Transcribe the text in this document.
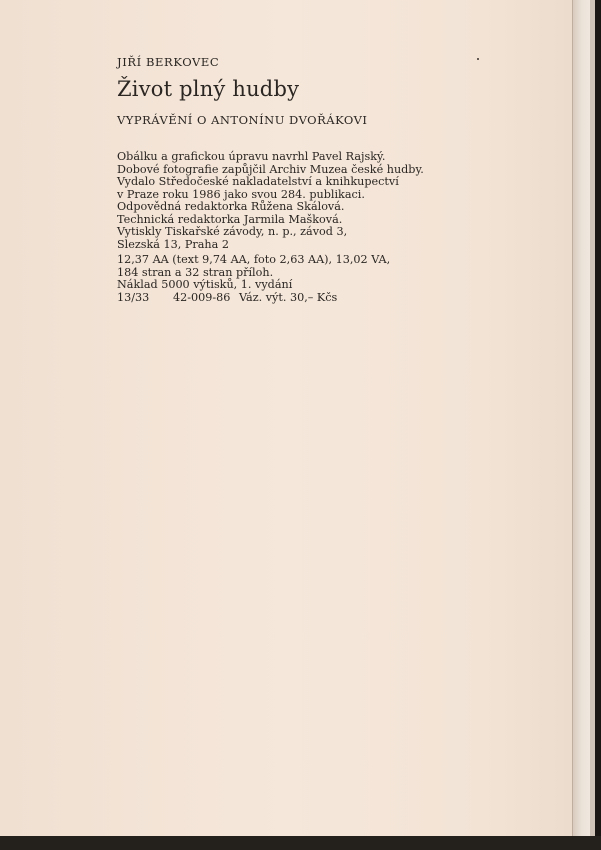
JIŘÍ BERKOVEC

Život plný hudby

VYPRÁVĚNÍ O ANTONÍNU DVOŘÁKOVI

Obálku a grafickou úpravu navrhl Pavel Rajský.
Dobové fotografie zapůjčil Archiv Muzea české hudby.
Vydalo Středočeské nakladatelství a knihkupectví
v Praze roku 1986 jako svou 284. publikaci.
Odpovědná redaktorka Růžena Skálová.
Technická redaktorka Jarmila Mašková.
Vytiskly Tiskařské závody, n. p., závod 3,
Slezská 13, Praha 2
12,37 AA (text 9,74 AA, foto 2,63 AA), 13,02 VA,
184 stran a 32 stran příloh.
Náklad 5000 výtisků, 1. vydání
13/33 42-009-86 Váz. výt. 30,– Kčs
